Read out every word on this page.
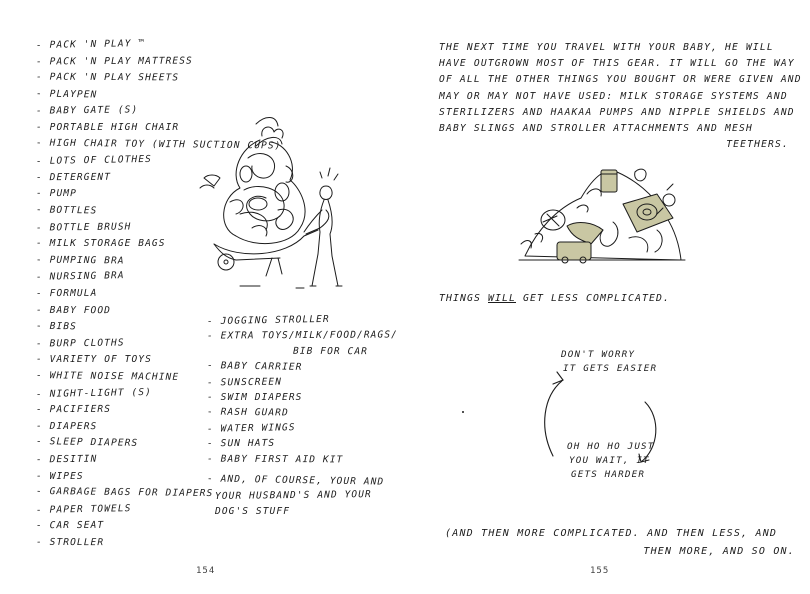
- PACK 'N PLAY ™
- PACK 'N PLAY MATTRESS
- PACK 'N PLAY SHEETS
- PLAYPEN
- BABY GATE (S)
- PORTABLE HIGH CHAIR
- HIGH CHAIR TOY (WITH SUCTION CUPS)
- LOTS OF CLOTHES
- DETERGENT
- PUMP
- BOTTLES
- BOTTLE BRUSH
- MILK STORAGE BAGS
- PUMPING BRA
- NURSING BRA
- FORMULA
- BABY FOOD
- BIBS
- BURP CLOTHS
- VARIETY OF TOYS
- WHITE NOISE MACHINE
- NIGHT-LIGHT (S)
- PACIFIERS
- DIAPERS
- SLEEP DIAPERS
- DESITIN
- WIPES
- GARBAGE BAGS FOR DIAPERS
- PAPER TOWELS
- CAR SEAT
- STROLLER
- JOGGING STROLLER
- EXTRA TOYS/MILK/FOOD/RAGS/
BIB FOR CAR
- BABY CARRIER
- SUNSCREEN
- SWIM DIAPERS
- RASH GUARD
- WATER WINGS
- SUN HATS
- BABY FIRST AID KIT
- AND, OF COURSE, YOUR AND
YOUR HUSBAND'S AND YOUR
DOG'S STUFF
154
THE NEXT TIME YOU TRAVEL WITH YOUR BABY, HE WILL
HAVE OUTGROWN MOST OF THIS GEAR. IT WILL GO THE WAY
OF ALL THE OTHER THINGS YOU BOUGHT OR WERE GIVEN AND
MAY OR MAY NOT HAVE USED: MILK STORAGE SYSTEMS AND
STERILIZERS AND HAAKAA PUMPS AND NIPPLE SHIELDS AND
BABY SLINGS AND STROLLER ATTACHMENTS AND MESH
TEETHERS.
THINGS WILL GET LESS COMPLICATED.
DON'T WORRY
IT GETS EASIER
OH HO HO JUST
YOU WAIT, IT
GETS HARDER
(AND THEN MORE COMPLICATED. AND THEN LESS, AND
THEN MORE, AND SO ON.
155
